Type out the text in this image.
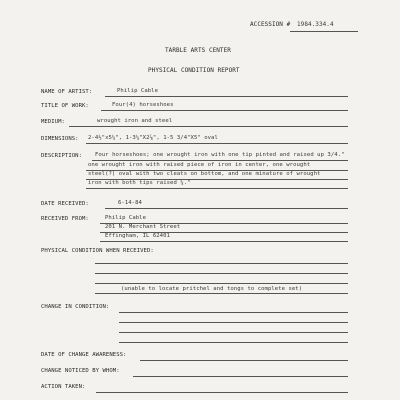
ACCESSION # 1984.334.4
TARBLE ARTS CENTER
PHYSICAL CONDITION REPORT
NAME OF ARTIST:	Philip Cable
TITLE OF WORK:	Four(4) horseshoes
MEDIUM:	wrought iron and steel
DIMENSIONS: 2-4½"x5¼", 1-3¼"X2⅞", 1-5 3/4"X5" oval
DESCRIPTION: Four horseshoes; one wrought iron with one tip pinted and raised up 3/4."
one wrought iron with raised piece of iron in center, one wrought
steel(?) oval with two cleats on bottom, and one minature of wrought
iron with both tips raised ¼."
DATE RECEIVED:	6-14-84
RECEIVED FROM:	Philip Cable
201 N. Merchant Street
Effingham, IL 62401
PHYSICAL CONDITION WHEN RECEIVED:
(unable to locate pritchel and tongs to complete set)
CHANGE IN CONDITION:
DATE OF CHANGE AWARENESS:
CHANGE NOTICED BY WHOM:
ACTION TAKEN:
